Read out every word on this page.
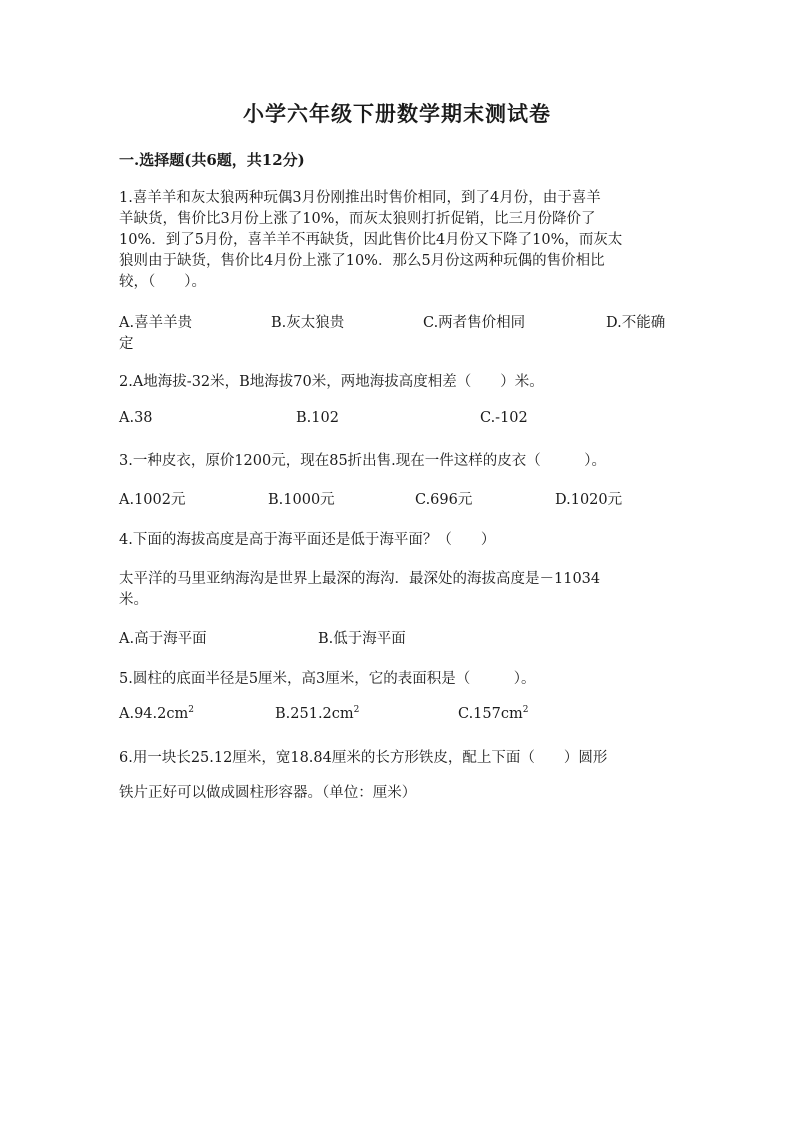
小学六年级下册数学期末测试卷
一.选择题(共6题，共12分)
1.喜羊羊和灰太狼两种玩偶3月份刚推出时售价相同，到了4月份，由于喜羊
羊缺货，售价比3月份上涨了10%，而灰太狼则打折促销，比三月份降价了
10%．到了5月份，喜羊羊不再缺货，因此售价比4月份又下降了10%，而灰太
狼则由于缺货，售价比4月份上涨了10%．那么5月份这两种玩偶的售价相比
较，（　　）。
A.喜羊羊贵	B.灰太狼贵	C.两者售价相同	D.不能确
定
2.A地海拔-32米，B地海拔70米，两地海拔高度相差（　　）米。
A.38	B.102	C.-102
3.一种皮衣，原价1200元，现在85折出售.现在一件这样的皮衣（　　　）。
A.1002元	B.1000元	C.696元	D.1020元
4.下面的海拔高度是高于海平面还是低于海平面？（　　）
太平洋的马里亚纳海沟是世界上最深的海沟．最深处的海拔高度是－11034
米。
A.高于海平面	B.低于海平面
5.圆柱的底面半径是5厘米，高3厘米，它的表面积是（　　　）。
$A.94.2cm^2$	$B.251.2cm^2$	$C.157cm^2$
6.用一块长25.12厘米，宽18.84厘米的长方形铁皮，配上下面（　　）圆形
铁片正好可以做成圆柱形容器。（单位：厘米）
